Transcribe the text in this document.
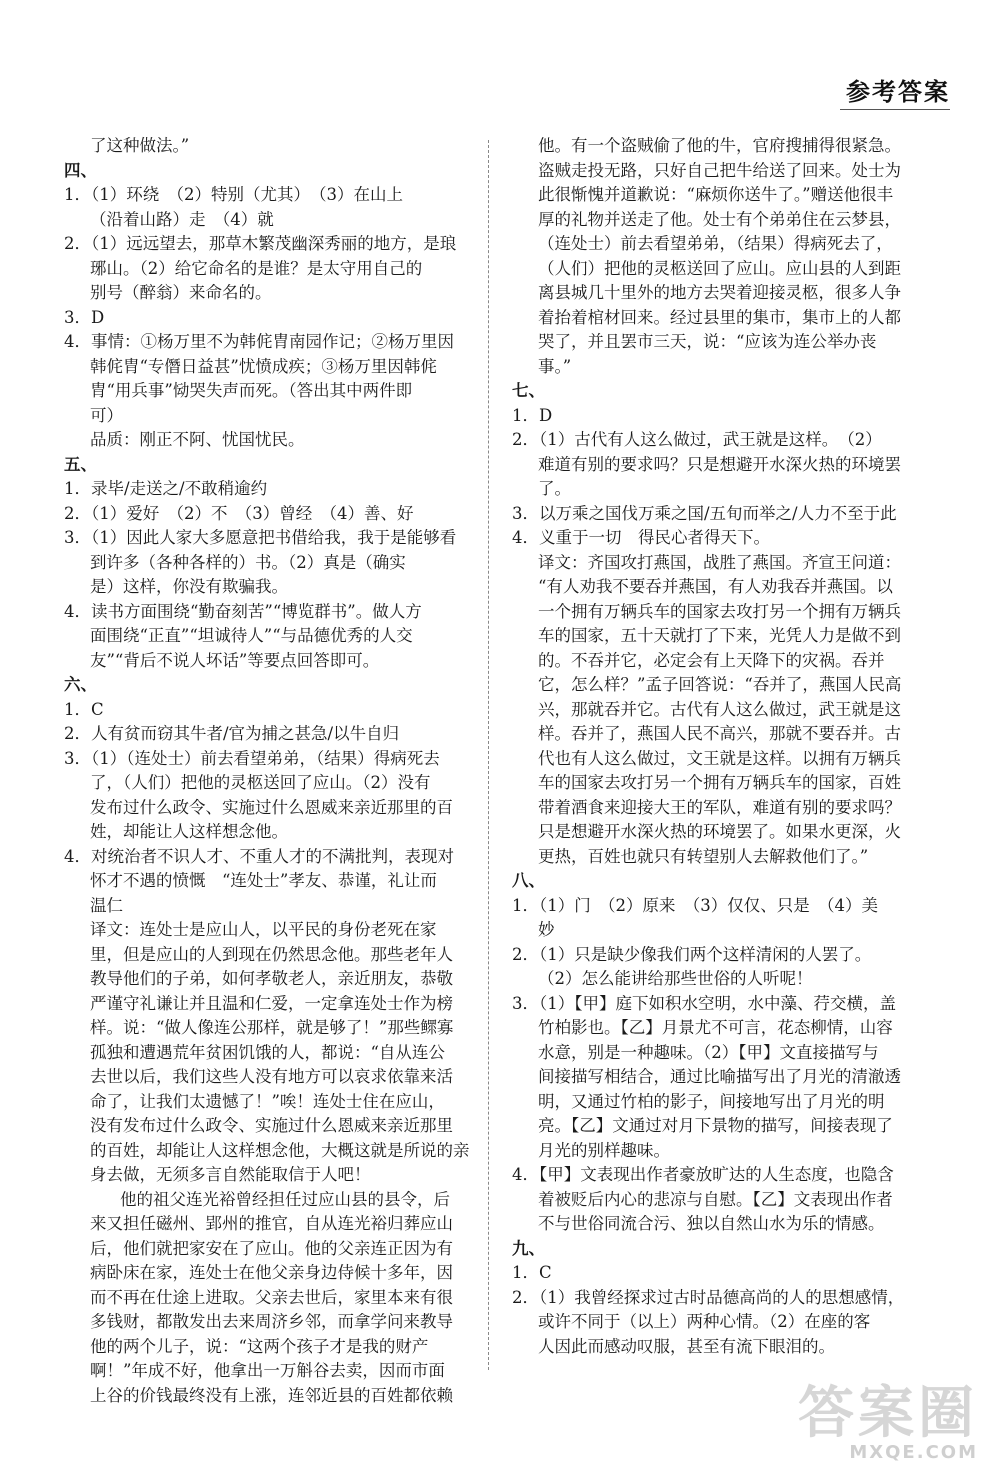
参考答案
了这种做法。”
四、
1．（1）环绕　（2）特别（尤其）　（3）在山上
（沿着山路）走　（4）就
2．（1）远远望去，那草木繁茂幽深秀丽的地方，是琅
琊山。（2）给它命名的是谁？是太守用自己的
别号（醉翁）来命名的。
3．D
4．事情：①杨万里不为韩侂胄南园作记；②杨万里因
韩侂胄“专僭日益甚”忧愤成疾；③杨万里因韩侂
胄“用兵事”恸哭失声而死。（答出其中两件即
可）
品质：刚正不阿、忧国忧民。
五、
1．录毕/走送之/不敢稍逾约
2．（1）爱好　（2）不　（3）曾经　（4）善、好
3．（1）因此人家大多愿意把书借给我，我于是能够看
到许多（各种各样的）书。（2）真是（确实
是）这样，你没有欺骗我。
4．读书方面围绕“勤奋刻苦”“博览群书”。做人方
面围绕“正直”“坦诚待人”“与品德优秀的人交
友”“背后不说人坏话”等要点回答即可。
六、
1．C
2．人有贫而窃其牛者/官为捕之甚急/以牛自归
3．（1）（连处士）前去看望弟弟，（结果）得病死去
了，（人们）把他的灵柩送回了应山。（2）没有
发布过什么政令、实施过什么恩威来亲近那里的百
姓，却能让人这样想念他。
4．对统治者不识人才、不重人才的不满批判，表现对
怀才不遇的愤慨　“连处士”孝友、恭谨，礼让而
温仁
译文：连处士是应山人，以平民的身份老死在家
里，但是应山的人到现在仍然思念他。那些老年人
教导他们的子弟，如何孝敬老人，亲近朋友，恭敬
严谨守礼谦让并且温和仁爱，一定拿连处士作为榜
样。说：“做人像连公那样，就是够了！”那些鳏寡
孤独和遭遇荒年贫困饥饿的人，都说：“自从连公
去世以后，我们这些人没有地方可以哀求依靠来活
命了，让我们太遗憾了！”唉！连处士住在应山，
没有发布过什么政令、实施过什么恩威来亲近那里
的百姓，却能让人这样想念他，大概这就是所说的亲
身去做，无须多言自然能取信于人吧！
他的祖父连光裕曾经担任过应山县的县令，后
来又担任磁州、郢州的推官，自从连光裕归葬应山
后，他们就把家安在了应山。他的父亲连正因为有
病卧床在家，连处士在他父亲身边侍候十多年，因
而不再在仕途上进取。父亲去世后，家里本来有很
多钱财，都散发出去来周济乡邻，而拿学问来教导
他的两个儿子，说：“这两个孩子才是我的财产
啊！”年成不好，他拿出一万斛谷去卖，因而市面
上谷的价钱最终没有上涨，连邻近县的百姓都依赖
他。有一个盗贼偷了他的牛，官府搜捕得很紧急。
盗贼走投无路，只好自己把牛给送了回来。处士为
此很惭愧并道歉说：“麻烦你送牛了。”赠送他很丰
厚的礼物并送走了他。处士有个弟弟住在云梦县，
（连处士）前去看望弟弟，（结果）得病死去了，
（人们）把他的灵柩送回了应山。应山县的人到距
离县城几十里外的地方去哭着迎接灵柩，很多人争
着抬着棺材回来。经过县里的集市，集市上的人都
哭了，并且罢市三天，说：“应该为连公举办丧
事。”
七、
1．D
2．（1）古代有人这么做过，武王就是这样。　（2）
难道有别的要求吗？只是想避开水深火热的环境罢
了。
3．以万乘之国伐万乘之国/五旬而举之/人力不至于此
4．义重于一切　得民心者得天下。
译文：齐国攻打燕国，战胜了燕国。齐宣王问道：
“有人劝我不要吞并燕国，有人劝我吞并燕国。以
一个拥有万辆兵车的国家去攻打另一个拥有万辆兵
车的国家，五十天就打了下来，光凭人力是做不到
的。不吞并它，必定会有上天降下的灾祸。吞并
它，怎么样？”孟子回答说：“吞并了，燕国人民高
兴，那就吞并它。古代有人这么做过，武王就是这
样。吞并了，燕国人民不高兴，那就不要吞并。古
代也有人这么做过，文王就是这样。以拥有万辆兵
车的国家去攻打另一个拥有万辆兵车的国家，百姓
带着酒食来迎接大王的军队，难道有别的要求吗？
只是想避开水深火热的环境罢了。如果水更深，火
更热，百姓也就只有转望别人去解救他们了。”
八、
1．（1）门　（2）原来　（3）仅仅、只是　（4）美
妙
2．（1）只是缺少像我们两个这样清闲的人罢了。
（2）怎么能讲给那些世俗的人听呢！
3．（1）【甲】庭下如积水空明，水中藻、荇交横，盖
竹柏影也。【乙】月景尤不可言，花态柳情，山容
水意，别是一种趣味。（2）【甲】文直接描写与
间接描写相结合，通过比喻描写出了月光的清澈透
明，又通过竹柏的影子，间接地写出了月光的明
亮。【乙】文通过对月下景物的描写，间接表现了
月光的别样趣味。
4．【甲】文表现出作者豪放旷达的人生态度，也隐含
着被贬后内心的悲凉与自慰。【乙】文表现出作者
不与世俗同流合污、独以自然山水为乐的情感。
九、
1．C
2．（1）我曾经探求过古时品德高尚的人的思想感情，
或许不同于（以上）两种心情。（2）在座的客
人因此而感动叹服，甚至有流下眼泪的。
答案圈
MXQE.COM
